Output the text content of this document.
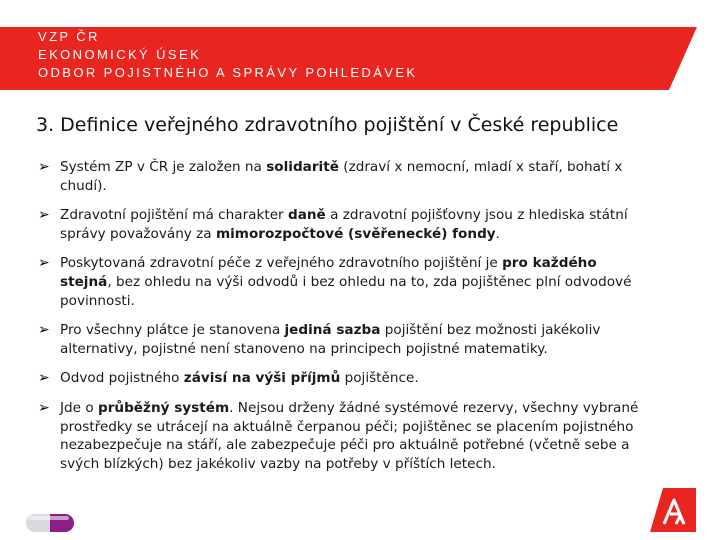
VZP ČR
EKONOMICKÝ ÚSEK
ODBOR POJISTNÉHO A SPRÁVY POHLEDÁVEK
3. Definice veřejného zdravotního pojištění v České republice
➢ Systém ZP v ČR je založen na solidaritě (zdraví x nemocní, mladí x staří, bohatí x chudí).
➢ Zdravotní pojištění má charakter daně a zdravotní pojišťovny jsou z hlediska státní správy považovány za mimorozpočtové (svěřenecké) fondy.
➢ Poskytovaná zdravotní péče z veřejného zdravotního pojištění je pro každého stejná, bez ohledu na výši odvodů i bez ohledu na to, zda pojištěnec plní odvodové povinnosti.
➢ Pro všechny plátce je stanovena jediná sazba pojištění bez možnosti jakékoliv alternativy, pojistné není stanoveno na principech pojistné matematiky.
➢ Odvod pojistného závisí na výši příjmů pojištěnce.
➢ Jde o průběžný systém. Nejsou drženy žádné systémové rezervy, všechny vybrané prostředky se utrácejí na aktuálně čerpanou péči; pojištěnec se placením pojistného nezabezpečuje na stáří, ale zabezpečuje péči pro aktuálně potřebné (včetně sebe a svých blízkých) bez jakékoliv vazby na potřeby v příštích letech.
